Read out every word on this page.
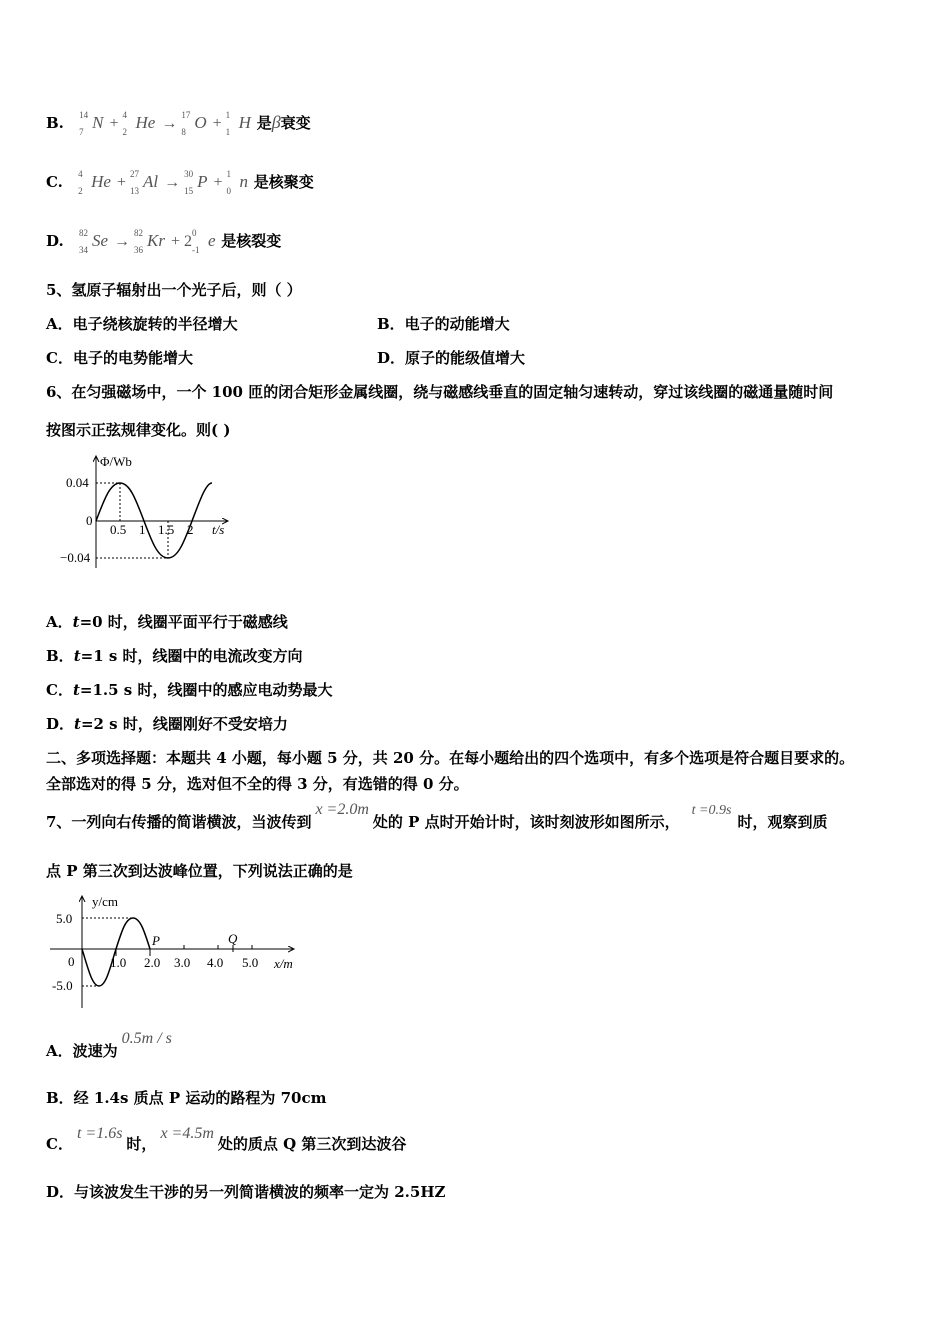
B. 14
7 N + 4
2 He → 17
8 O + 1
1 H 是β衰变
C. 4
2 He + 27
13 Al → 30
15 P + 1
0 n 是核聚变
D. 82
34 Se → 82
36 Kr + 2 0
-1 e 是核裂变
5、氢原子辐射出一个光子后，则（ ）
A．电子绕核旋转的半径增大	B．电子的动能增大
C．电子的电势能增大	D．原子的能级值增大
6、在匀强磁场中，一个 100 匝的闭合矩形金属线圈，绕与磁感线垂直的固定轴匀速转动，穿过该线圈的磁通量随时间
按图示正弦规律变化。则( )
Φ/Wb
t/s
0.04
0
−0.04
0.5 1 1.5 2
A．t=0 时，线圈平面平行于磁感线
B．t=1 s 时，线圈中的电流改变方向
C．t=1.5 s 时，线圈中的感应电动势最大
D．t=2 s 时，线圈刚好不受安培力
二、多项选择题：本题共 4 小题，每小题 5 分，共 20 分。在每小题给出的四个选项中，有多个选项是符合题目要求的。
全部选对的得 5 分，选对但不全的得 3 分，有选错的得 0 分。
7、一列向右传播的简谐横波，当波传到x =2.0m处的 P 点时开始计时，该时刻波形如图所示，t =0.9s时，观察到质
点 P 第三次到达波峰位置，下列说法正确的是
y/cm
x/m
5.0
0
-5.0
1.0 2.0 3.0 4.0 5.0
P	Q
A．波速为0.5m / s
B．经 1.4s 质点 P 运动的路程为 70cm
C．t =1.6s时，x =4.5m处的质点 Q 第三次到达波谷
D．与该波发生干涉的另一列简谐横波的频率一定为 2.5HZ
